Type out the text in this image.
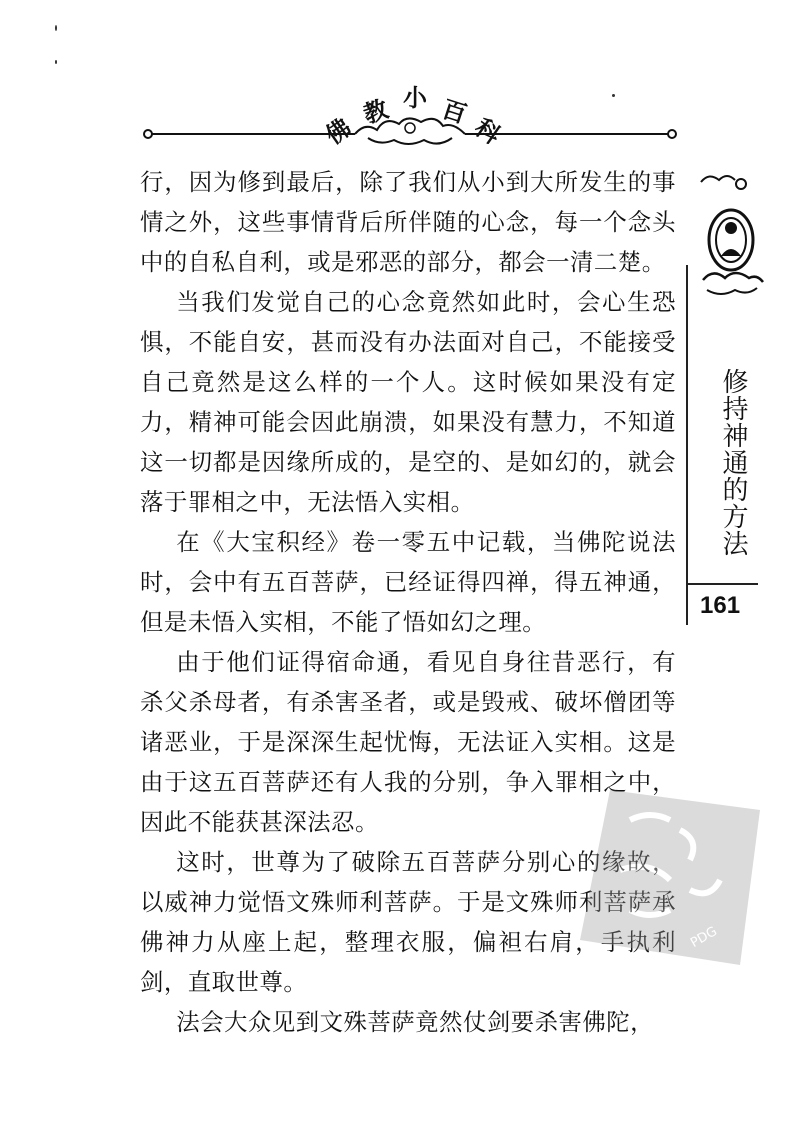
佛
教 小 百
科

行，因为修到最后，除了我们从小到大所发生的事情之外，这些事情背后所伴随的心念，每一个念头中的自私自利，或是邪恶的部分，都会一清二楚。

当我们发觉自己的心念竟然如此时，会心生恐惧，不能自安，甚而没有办法面对自己，不能接受自己竟然是这么样的一个人。这时候如果没有定力，精神可能会因此崩溃，如果没有慧力，不知道这一切都是因缘所成的，是空的、是如幻的，就会落于罪相之中，无法悟入实相。

在《大宝积经》卷一零五中记载，当佛陀说法时，会中有五百菩萨，已经证得四禅，得五神通，但是未悟入实相，不能了悟如幻之理。

由于他们证得宿命通，看见自身往昔恶行，有杀父杀母者，有杀害圣者，或是毁戒、破坏僧团等诸恶业，于是深深生起忧悔，无法证入实相。这是由于这五百菩萨还有人我的分别，争入罪相之中，因此不能获甚深法忍。

这时，世尊为了破除五百菩萨分别心的缘故，以威神力觉悟文殊师利菩萨。于是文殊师利菩萨承佛神力从座上起，整理衣服，偏袒右肩，手执利剑，直取世尊。

法会大众见到文殊菩萨竟然仗剑要杀害佛陀，

修持神通的方法
161
PDG
